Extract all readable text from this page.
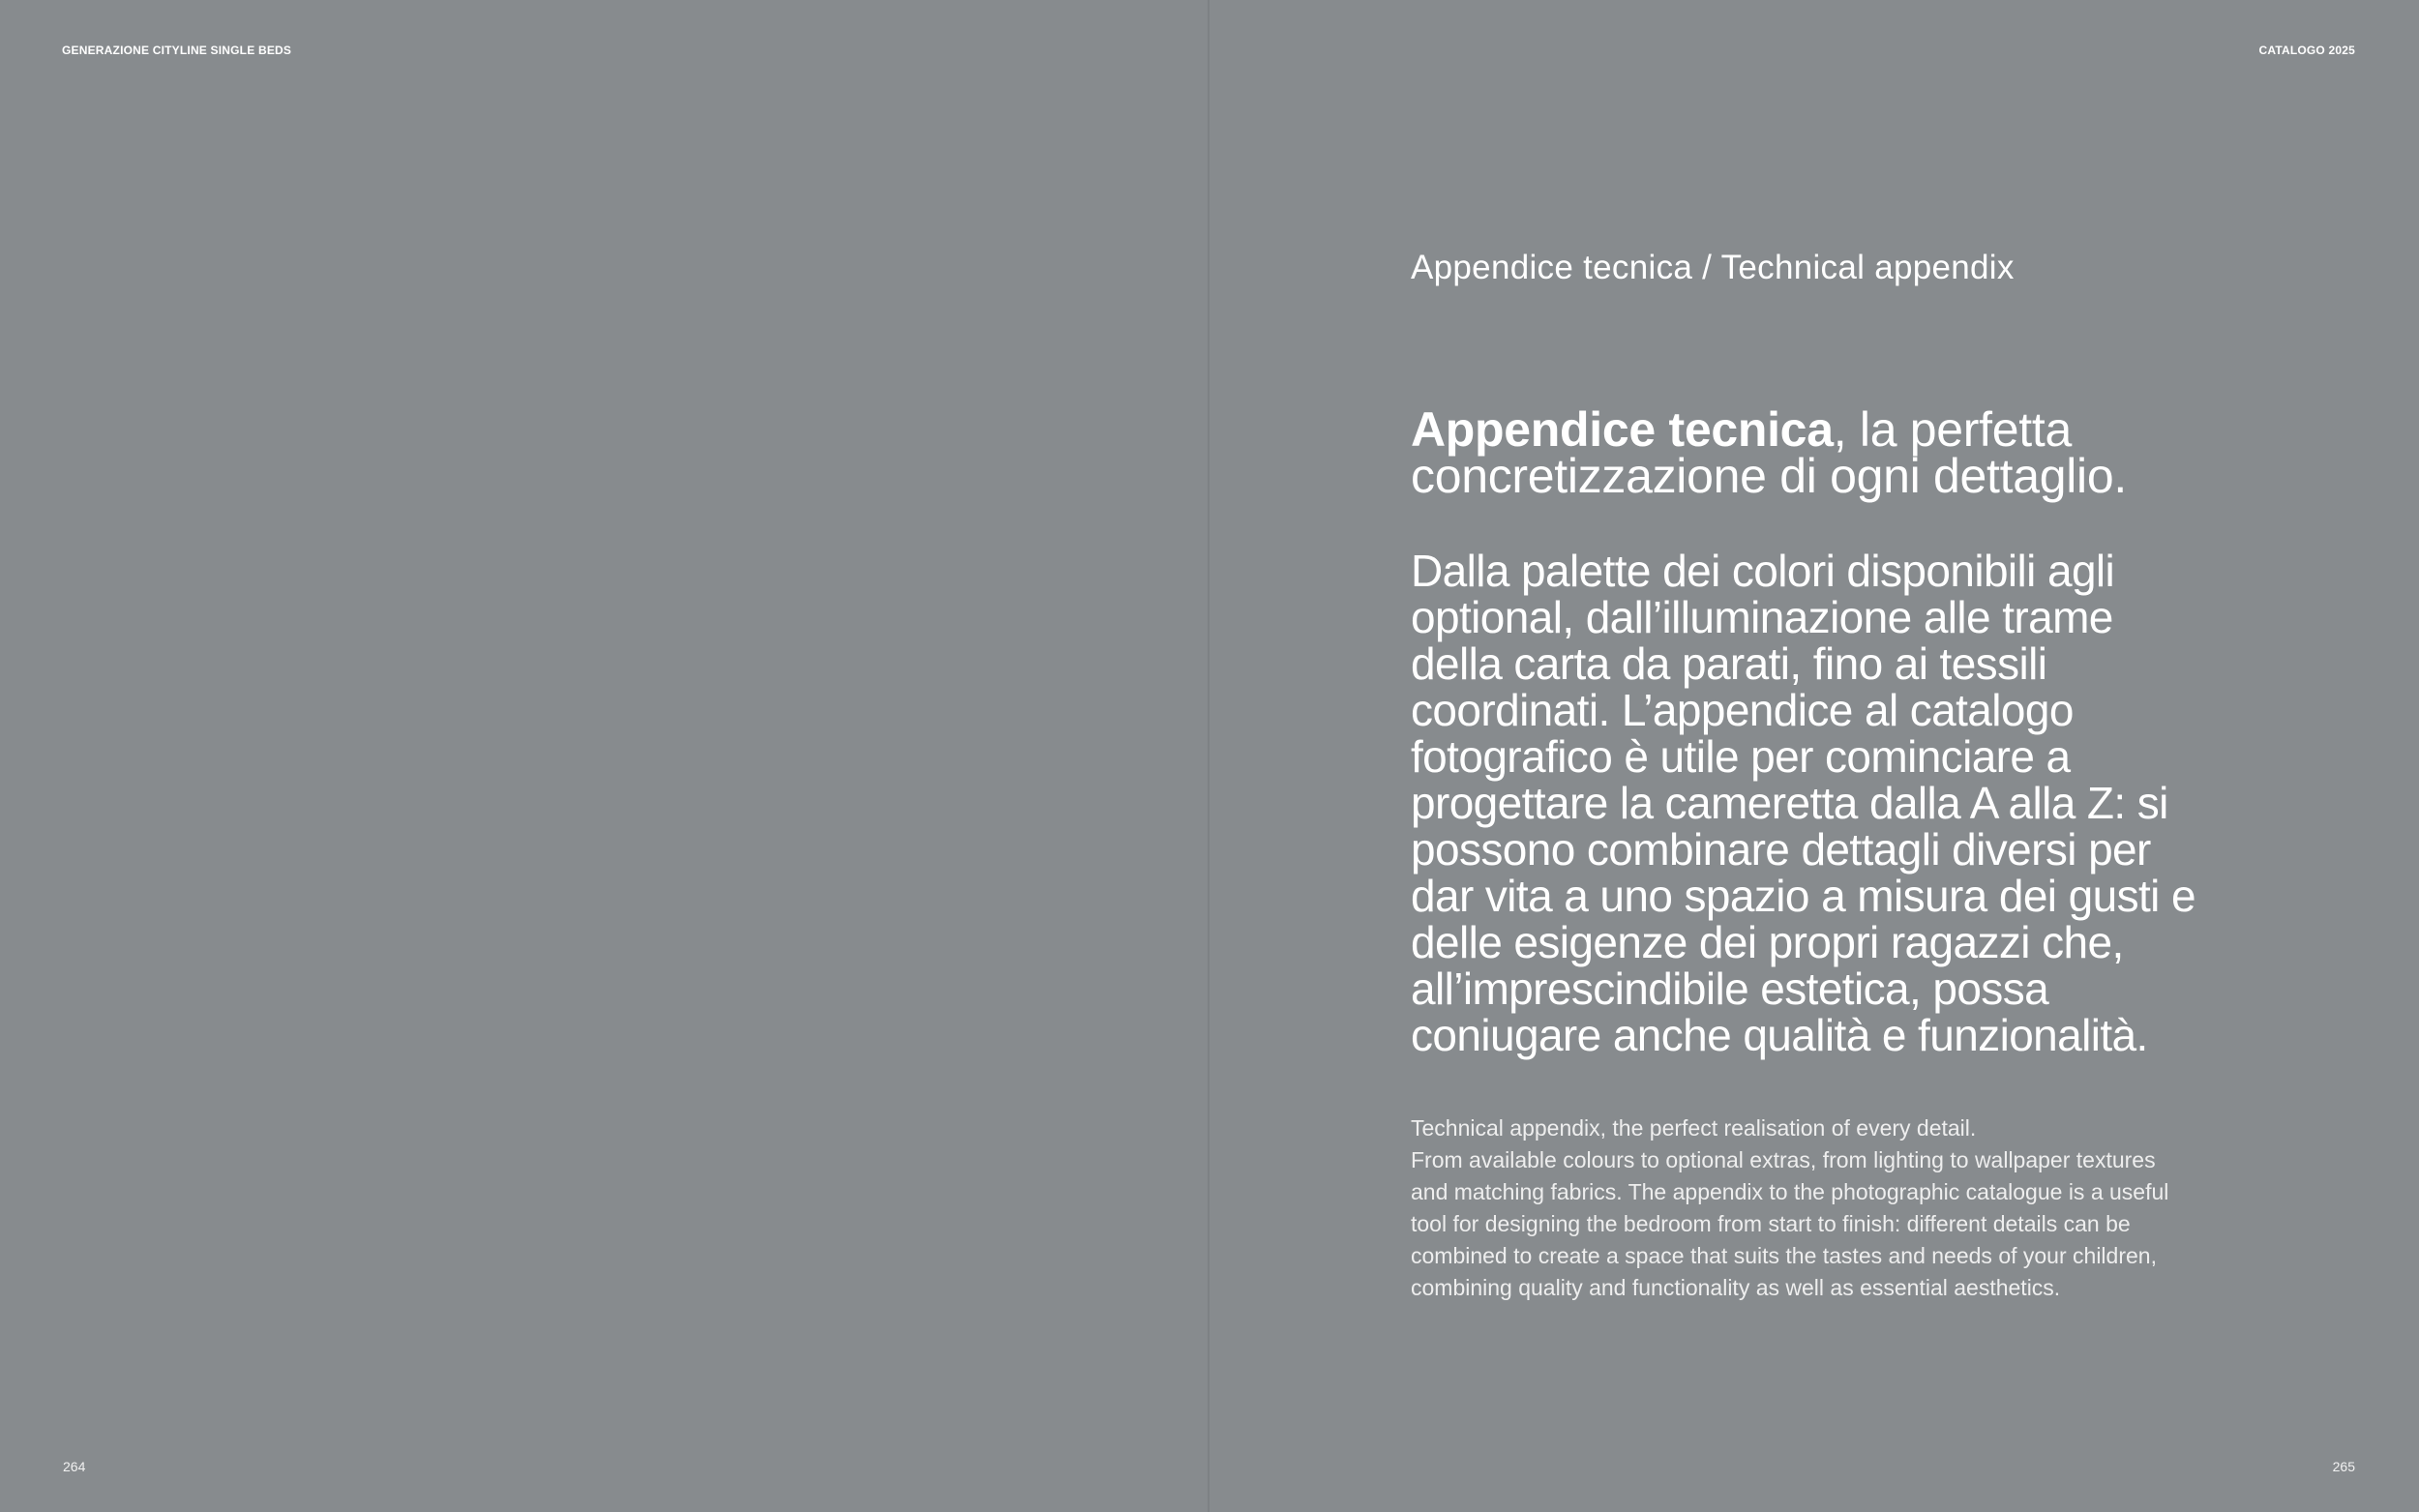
GENERAZIONE CITYLINE SINGLE BEDS
264
CATALOGO 2025
Appendice tecnica / Technical appendix
Appendice tecnica, la perfetta concretizzazione di ogni dettaglio.
Dalla palette dei colori disponibili agli optional, dall’illuminazione alle trame della carta da parati, fino ai tessili coordinati. L’appendice al catalogo fotografico è utile per cominciare a progettare la cameretta dalla A alla Z: si possono combinare dettagli diversi per dar vita a uno spazio a misura dei gusti e delle esigenze dei propri ragazzi che, all’imprescindibile estetica, possa coniugare anche qualità e funzionalità.
Technical appendix, the perfect realisation of every detail.
From available colours to optional extras, from lighting to wallpaper textures and matching fabrics. The appendix to the photographic catalogue is a useful tool for designing the bedroom from start to finish: different details can be combined to create a space that suits the tastes and needs of your children, combining quality and functionality as well as essential aesthetics.
265
